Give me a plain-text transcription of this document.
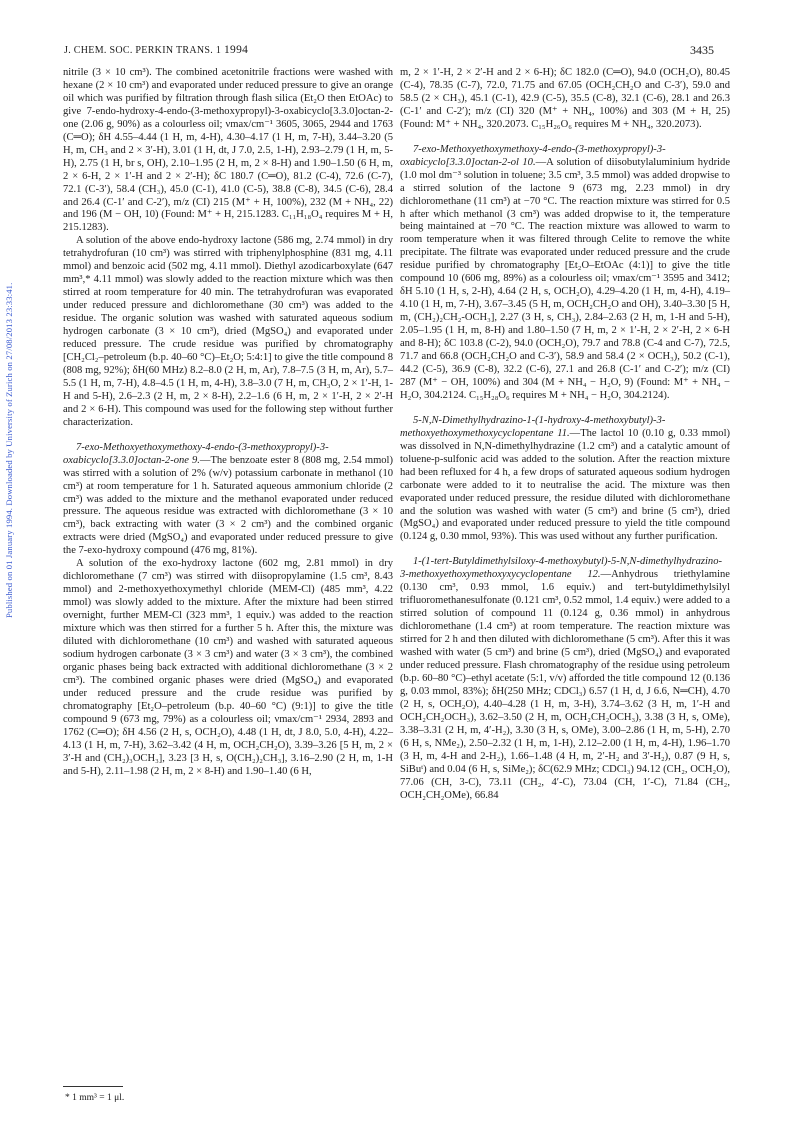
J. CHEM. SOC. PERKIN TRANS. 1 1994	3435
Published on 01 January 1994. Downloaded by University of Zurich on 27/08/2013 23:33:41.

nitrile (3 × 10 cm³). The combined acetonitrile fractions were washed with hexane (2 × 10 cm³) and evaporated under reduced pressure to give an orange oil which was purified by filtration through flash silica (Et₂O then EtOAc) to give 7-endo-hydroxy-4-endo-(3-methoxypropyl)-3-oxabicyclo[3.3.0]octan-2-one (2.06 g, 90%) as a colourless oil; νmax/cm⁻¹ 3605, 3065, 2944 and 1763 (C═O); δH 4.55–4.44 (1 H, m, 4-H), 4.30–4.17 (1 H, m, 7-H), 3.44–3.20 (5 H, m, CH₃ and 2 × 3′-H), 3.01 (1 H, dt, J 7.0, 2.5, 1-H), 2.93–2.79 (1 H, m, 5-H), 2.75 (1 H, br s, OH), 2.10–1.95 (2 H, m, 2 × 8-H) and 1.90–1.50 (6 H, m, 2 × 6-H, 2 × 1′-H and 2 × 2′-H); δC 180.7 (C═O), 81.2 (C-4), 72.6 (C-7), 72.1 (C-3′), 58.4 (CH₃), 45.0 (C-1), 41.0 (C-5), 38.8 (C-8), 34.5 (C-6), 28.4 and 26.4 (C-1′ and C-2′), m/z (CI) 215 (M⁺ + H, 100%), 232 (M + NH₄, 22) and 196 (M − OH, 10) (Found: M⁺ + H, 215.1283. C₁₁H₁₈O₄ requires M + H, 215.1283).

A solution of the above endo-hydroxy lactone (586 mg, 2.74 mmol) in dry tetrahydrofuran (10 cm³) was stirred with triphenylphosphine (831 mg, 4.11 mmol) and benzoic acid (502 mg, 4.11 mmol). Diethyl azodicarboxylate (647 mm³,* 4.11 mmol) was slowly added to the reaction mixture which was then stirred at room temperature for 40 min. The tetrahydrofuran was evaporated under reduced pressure and dichloromethane (30 cm³) was added to the residue. The organic solution was washed with saturated aqueous sodium hydrogen carbonate (3 × 10 cm³), dried (MgSO₄) and evaporated under reduced pressure. The crude residue was purified by chromatography [CH₂Cl₂–petroleum (b.p. 40–60 °C)–Et₂O; 5:4:1] to give the title compound 8 (808 mg, 92%); δH(60 MHz) 8.2–8.0 (2 H, m, Ar), 7.8–7.5 (3 H, m, Ar), 5.7–5.5 (1 H, m, 7-H), 4.8–4.5 (1 H, m, 4-H), 3.8–3.0 (7 H, m, CH₃O, 2 × 1′-H, 1-H and 5-H), 2.6–2.3 (2 H, m, 2 × 8-H), 2.2–1.6 (6 H, m, 2 × 1′-H, 2 × 2′-H and 2 × 6-H). This compound was used for the following step without further characterization.

7-exo-Methoxyethoxymethoxy-4-endo-(3-methoxypropyl)-3-oxabicyclo[3.3.0]octan-2-one 9.—The benzoate ester 8 (808 mg, 2.54 mmol) was stirred with a solution of 2% (w/v) potassium carbonate in methanol (10 cm³) at room temperature for 1 h. Saturated aqueous ammonium chloride (2 cm³) was added to the mixture and the methanol evaporated under reduced pressure. The aqueous residue was extracted with dichloromethane (3 × 10 cm³), back extracting with water (3 × 2 cm³) and the combined organic extracts were dried (MgSO₄) and evaporated under reduced pressure to give the 7-exo-hydroxy compound (476 mg, 81%).

A solution of the exo-hydroxy lactone (602 mg, 2.81 mmol) in dry dichloromethane (7 cm³) was stirred with diisopropylamine (1.5 cm³, 8.43 mmol) and 2-methoxyethoxymethyl chloride (MEM-Cl) (485 mm³, 4.22 mmol) was slowly added to the mixture. After the mixture had been stirred overnight, further MEM-Cl (323 mm³, 1 equiv.) was added to the reaction mixture which was then stirred for a further 5 h. After this, the mixture was diluted with dichloromethane (10 cm³) and washed with saturated aqueous sodium hydrogen carbonate (3 × 3 cm³) and water (3 × 3 cm³), the combined organic phases being back extracted with additional dichloromethane (3 × 2 cm³). The combined organic phases were dried (MgSO₄) and evaporated under reduced pressure and the crude residue was purified by chromatography [Et₂O–petroleum (b.p. 40–60 °C) (9:1)] to give the title compound 9 (673 mg, 79%) as a colourless oil; νmax/cm⁻¹ 2934, 2893 and 1762 (C═O); δH 4.56 (2 H, s, OCH₂O), 4.48 (1 H, dt, J 8.0, 5.0, 4-H), 4.22–4.13 (1 H, m, 7-H), 3.62–3.42 (4 H, m, OCH₂CH₂O), 3.39–3.26 [5 H, m, 2 × 3′-H and (CH₂)₃OCH₃], 3.23 [3 H, s, O(CH₂)₂CH₃], 3.16–2.90 (2 H, m, 1-H and 5-H), 2.11–1.98 (2 H, m, 2 × 8-H) and 1.90–1.40 (6 H,

m, 2 × 1′-H, 2 × 2′-H and 2 × 6-H); δC 182.0 (C═O), 94.0 (OCH₂O), 80.45 (C-4), 78.35 (C-7), 72.0, 71.75 and 67.05 (OCH₂CH₂O and C-3′), 59.0 and 58.5 (2 × CH₃), 45.1 (C-1), 42.9 (C-5), 35.5 (C-8), 32.1 (C-6), 28.1 and 26.3 (C-1′ and C-2′); m/z (CI) 320 (M⁺ + NH₄, 100%) and 303 (M + H, 25) (Found: M⁺ + NH₄, 320.2073. C₁₅H₂₆O₆ requires M + NH₄, 320.2073).

7-exo-Methoxyethoxymethoxy-4-endo-(3-methoxypropyl)-3-oxabicyclo[3.3.0]octan-2-ol 10.—A solution of diisobutylaluminium hydride (1.0 mol dm⁻³ solution in toluene; 3.5 cm³, 3.5 mmol) was added dropwise to a stirred solution of the lactone 9 (673 mg, 2.23 mmol) in dry dichloromethane (11 cm³) at −70 °C. The reaction mixture was stirred for 0.5 h after which methanol (3 cm³) was added dropwise to it, the temperature being maintained at −70 °C. The reaction mixture was allowed to warm to room temperature when it was filtered through Celite to remove the white precipitate. The filtrate was evaporated under reduced pressure and the crude residue purified by chromatography [Et₂O–EtOAc (4:1)] to give the title compound 10 (606 mg, 89%) as a colourless oil; νmax/cm⁻¹ 3595 and 3412; δH 5.10 (1 H, s, 2-H), 4.64 (2 H, s, OCH₂O), 4.29–4.20 (1 H, m, 4-H), 4.19–4.10 (1 H, m, 7-H), 3.67–3.45 (5 H, m, OCH₂CH₂O and OH), 3.40–3.30 [5 H, m, (CH₂)₂CH₂-OCH₃], 2.27 (3 H, s, CH₃), 2.84–2.63 (2 H, m, 1-H and 5-H), 2.05–1.95 (1 H, m, 8-H) and 1.80–1.50 (7 H, m, 2 × 1′-H, 2 × 2′-H, 2 × 6-H and 8-H); δC 103.8 (C-2), 94.0 (OCH₂O), 79.7 and 78.8 (C-4 and C-7), 72.5, 71.7 and 66.8 (OCH₂CH₂O and C-3′), 58.9 and 58.4 (2 × OCH₃), 50.2 (C-1), 44.2 (C-5), 36.9 (C-8), 32.2 (C-6), 27.1 and 26.8 (C-1′ and C-2′); m/z (CI) 287 (M⁺ − OH, 100%) and 304 (M + NH₄ − H₂O, 9) (Found: M⁺ + NH₄ − H₂O, 304.2124. C₁₅H₂₈O₆ requires M + NH₄ − H₂O, 304.2124).

5-N,N-Dimethylhydrazino-1-(1-hydroxy-4-methoxybutyl)-3-methoxyethoxymethoxycyclopentane 11.—The lactol 10 (0.10 g, 0.33 mmol) was dissolved in N,N-dimethylhydrazine (1.2 cm³) and a catalytic amount of toluene-p-sulfonic acid was added to the solution. After the reaction mixture had been refluxed for 4 h, a few drops of saturated aqueous sodium hydrogen carbonate were added to it to neutralise the acid. The mixture was then evaporated under reduced pressure, the residue diluted with dichloromethane and the solution was washed with water (5 cm³) and brine (5 cm³), dried (MgSO₄) and evaporated under reduced pressure to yield the title compound (0.124 g, 0.30 mmol, 93%). This was used without any further purification.

1-(1-tert-Butyldimethylsiloxy-4-methoxybutyl)-5-N,N-dimethylhydrazino-3-methoxyethoxymethoxyxycyclopentane 12.—Anhydrous triethylamine (0.130 cm³, 0.93 mmol, 1.6 equiv.) and tert-butyldimethylsilyl trifluoromethanesulfonate (0.121 cm³, 0.52 mmol, 1.4 equiv.) were added to a stirred solution of compound 11 (0.124 g, 0.36 mmol) in anhydrous dichloromethane (1.4 cm³) at room temperature. The reaction mixture was stirred for 2 h and then diluted with dichloromethane (5 cm³). After this it was washed with water (5 cm³) and brine (5 cm³), dried (MgSO₄) and evaporated under reduced pressure. Flash chromatography of the residue using petroleum (b.p. 60–80 °C)–ethyl acetate (5:1, v/v) afforded the title compound 12 (0.136 g, 0.03 mmol, 83%); δH(250 MHz; CDCl₃) 6.57 (1 H, d, J 6.6, N═CH), 4.70 (2 H, s, OCH₂O), 4.40–4.28 (1 H, m, 3-H), 3.74–3.62 (3 H, m, 1′-H and OCH₂CH₂OCH₃), 3.62–3.50 (2 H, m, OCH₂CH₂OCH₃), 3.38 (3 H, s, OMe), 3.38–3.31 (2 H, m, 4′-H₂), 3.30 (3 H, s, OMe), 3.00–2.86 (1 H, m, 5-H), 2.70 (6 H, s, NMe₂), 2.50–2.32 (1 H, m, 1-H), 2.12–2.00 (1 H, m, 4-H), 1.96–1.70 (3 H, m, 4-H and 2-H₂), 1.66–1.48 (4 H, m, 2′-H₂ and 3′-H₂), 0.87 (9 H, s, SiBuᵗ) and 0.04 (6 H, s, SiMe₂); δC(62.9 MHz; CDCl₃) 94.12 (CH₂, OCH₂O), 77.06 (CH, 3-C), 73.11 (CH₂, 4′-C), 73.04 (CH, 1′-C), 71.84 (CH₂, OCH₂CH₂OMe), 66.84

* 1 mm³ = 1 μl.
